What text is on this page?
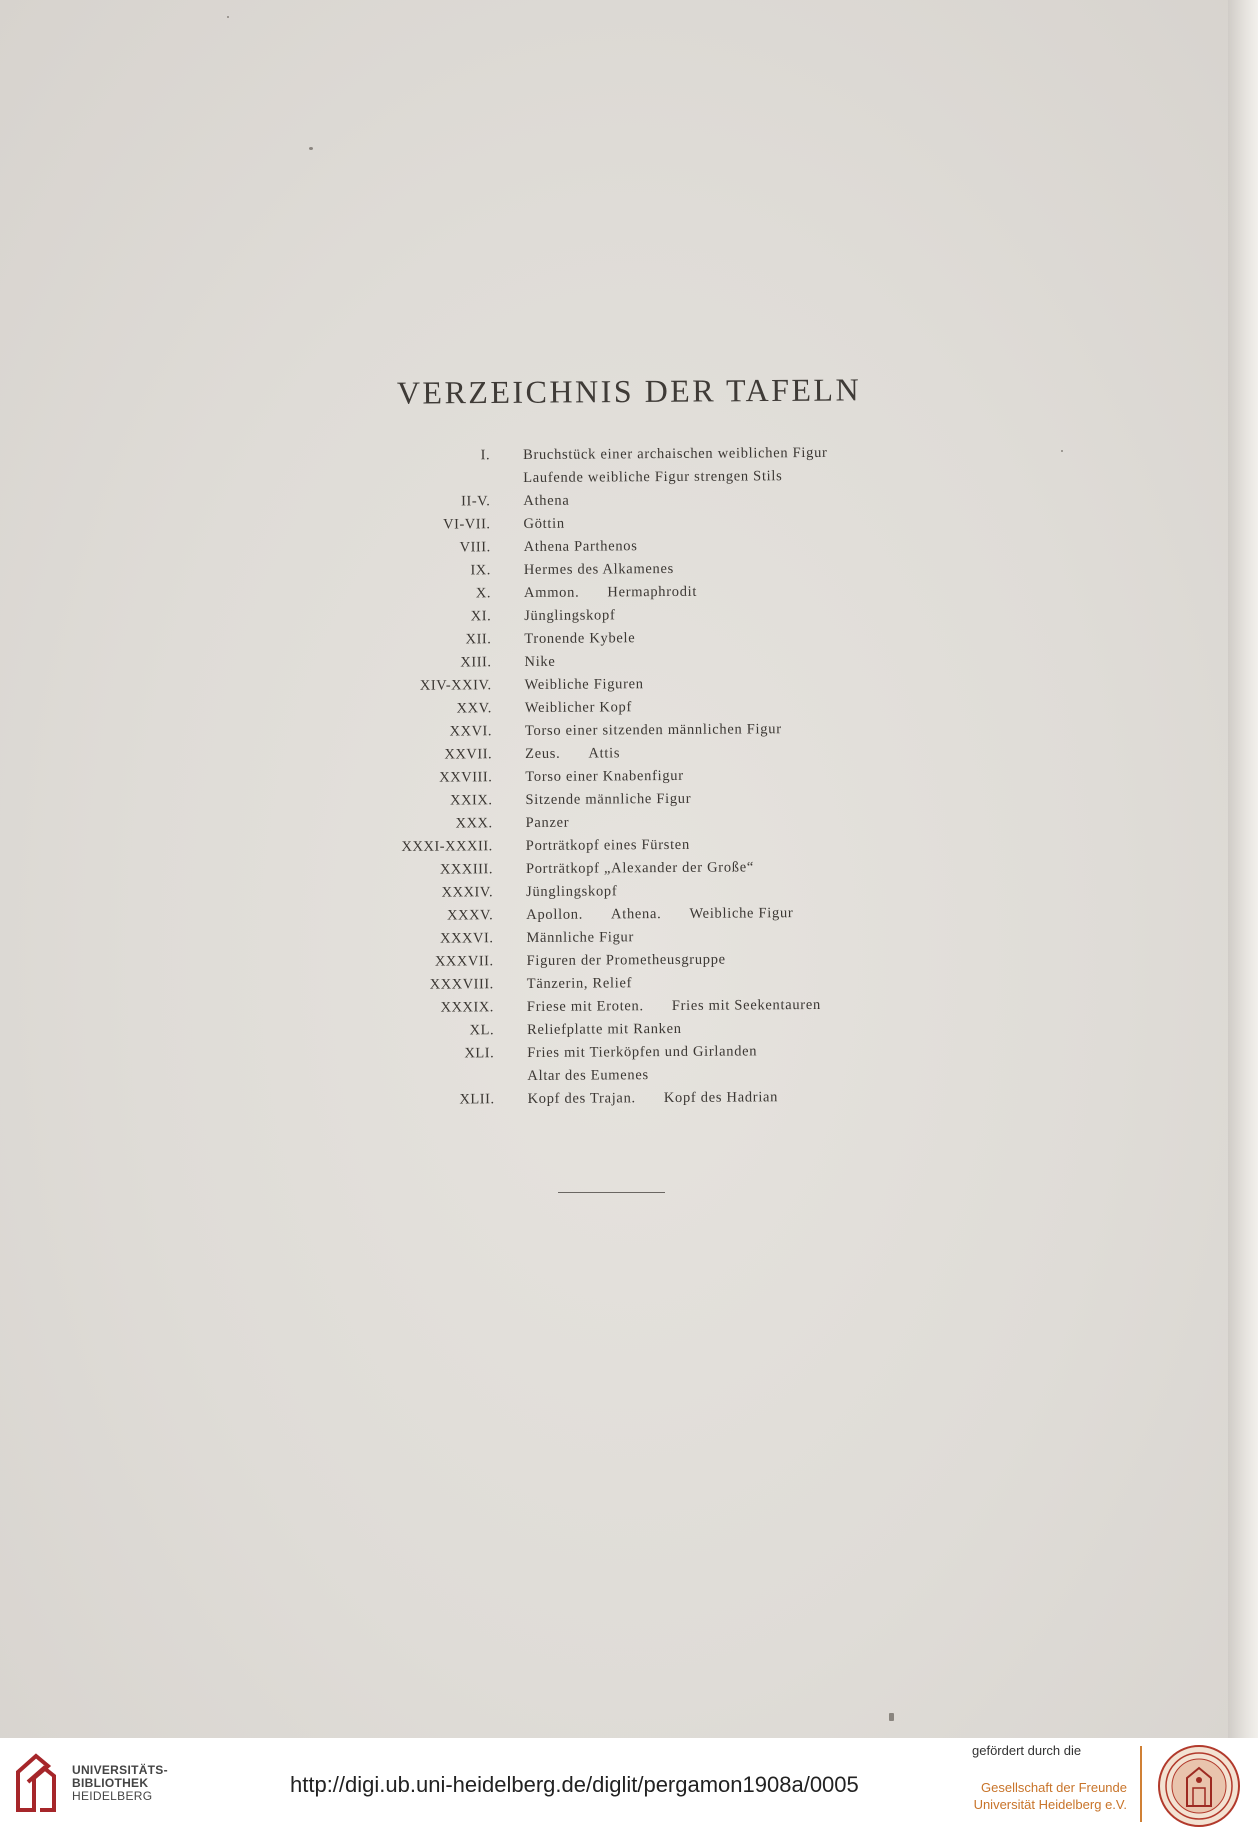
VERZEICHNIS DER TAFELN
I. Bruchstück einer archaischen weiblichen Figur
Laufende weibliche Figur strengen Stils
II-V. Athena
VI-VII. Göttin
VIII. Athena Parthenos
IX. Hermes des Alkamenes
X. Ammon. Hermaphrodit
XI. Jünglingskopf
XII. Tronende Kybele
XIII. Nike
XIV-XXIV. Weibliche Figuren
XXV. Weiblicher Kopf
XXVI. Torso einer sitzenden männlichen Figur
XXVII. Zeus. Attis
XXVIII. Torso einer Knabenfigur
XXIX. Sitzende männliche Figur
XXX. Panzer
XXXI-XXXII. Porträtkopf eines Fürsten
XXXIII. Porträtkopf „Alexander der Große“
XXXIV. Jünglingskopf
XXXV. Apollon. Athena. Weibliche Figur
XXXVI. Männliche Figur
XXXVII. Figuren der Prometheusgruppe
XXXVIII. Tänzerin, Relief
XXXIX. Friese mit Eroten. Fries mit Seekentauren
XL. Reliefplatte mit Ranken
XLI. Fries mit Tierköpfen und Girlanden
Altar des Eumenes
XLII. Kopf des Trajan. Kopf des Hadrian
UNIVERSITÄTS-
BIBLIOTHEK
HEIDELBERG	http://digi.ub.uni-heidelberg.de/diglit/pergamon1908a/0005
gefördert durch die
Gesellschaft der Freunde
Universität Heidelberg e.V.
